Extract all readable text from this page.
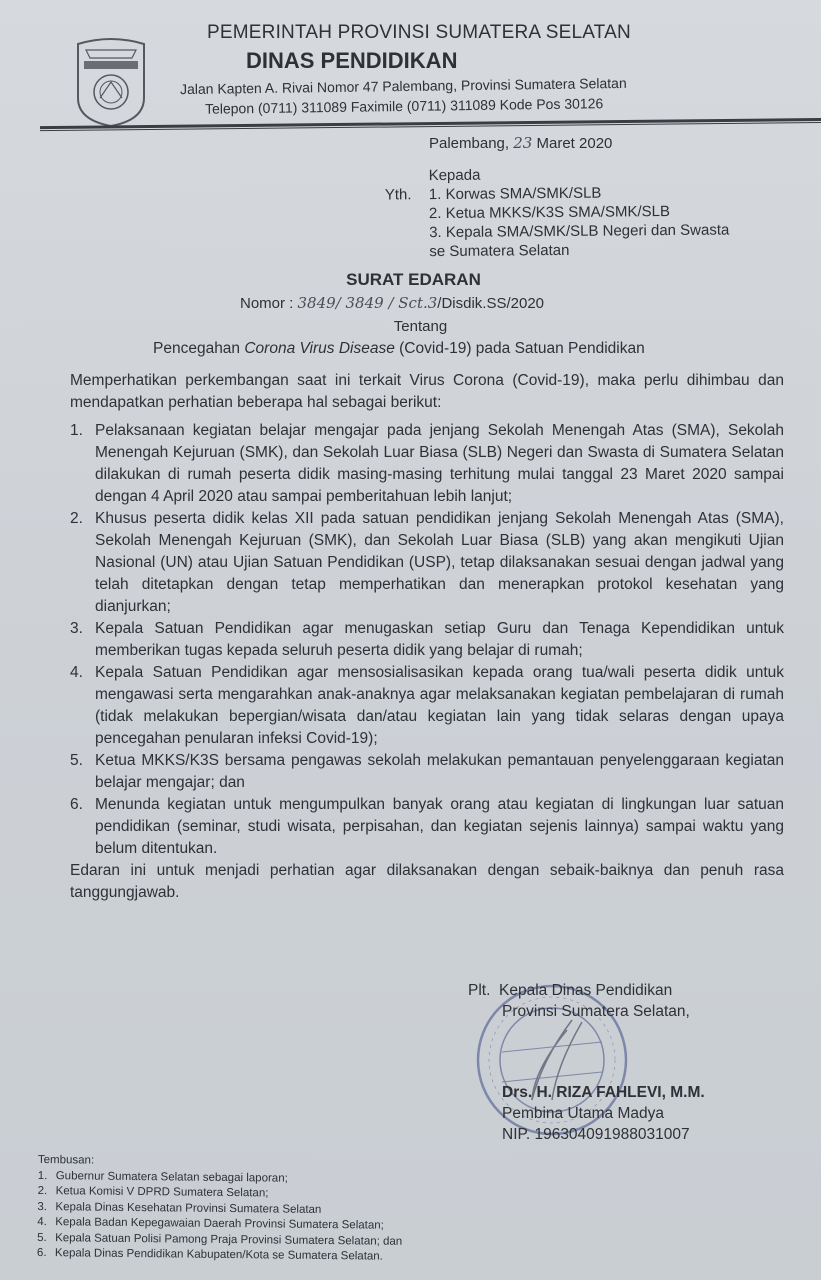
PEMERINTAH PROVINSI SUMATERA SELATAN
DINAS PENDIDIKAN
Jalan Kapten A. Rivai Nomor 47 Palembang, Provinsi Sumatera Selatan
Telepon (0711) 311089 Faximile (0711) 311089 Kode Pos 30126
Palembang, 23 Maret 2020
Kepada
Yth.	1.
Korwas SMA/SMK/SLB
2.
Ketua MKKS/K3S SMA/SMK/SLB
3.
Kepala SMA/SMK/SLB Negeri dan Swasta
se Sumatera Selatan
SURAT EDARAN
Nomor : 3849/ 3849 / Sct.3/Disdik.SS/2020
Tentang
Pencegahan Corona Virus Disease (Covid-19) pada Satuan Pendidikan

Memperhatikan perkembangan saat ini terkait Virus Corona (Covid-19), maka perlu dihimbau dan mendapatkan perhatian beberapa hal sebagai berikut:

1. Pelaksanaan kegiatan belajar mengajar pada jenjang Sekolah Menengah Atas (SMA), Sekolah Menengah Kejuruan (SMK), dan Sekolah Luar Biasa (SLB) Negeri dan Swasta di Sumatera Selatan dilakukan di rumah peserta didik masing-masing terhitung mulai tanggal 23 Maret 2020 sampai dengan 4 April 2020 atau sampai pemberitahuan lebih lanjut;
2. Khusus peserta didik kelas XII pada satuan pendidikan jenjang Sekolah Menengah Atas (SMA), Sekolah Menengah Kejuruan (SMK), dan Sekolah Luar Biasa (SLB) yang akan mengikuti Ujian Nasional (UN) atau Ujian Satuan Pendidikan (USP), tetap dilaksanakan sesuai dengan jadwal yang telah ditetapkan dengan tetap memperhatikan dan menerapkan protokol kesehatan yang dianjurkan;
3. Kepala Satuan Pendidikan agar menugaskan setiap Guru dan Tenaga Kependidikan untuk memberikan tugas kepada seluruh peserta didik yang belajar di rumah;
4. Kepala Satuan Pendidikan agar mensosialisasikan kepada orang tua/wali peserta didik untuk mengawasi serta mengarahkan anak-anaknya agar melaksanakan kegiatan pembelajaran di rumah (tidak melakukan bepergian/wisata dan/atau kegiatan lain yang tidak selaras dengan upaya pencegahan penularan infeksi Covid-19);
5. Ketua MKKS/K3S bersama pengawas sekolah melakukan pemantauan penyelenggaraan kegiatan belajar mengajar; dan
6. Menunda kegiatan untuk mengumpulkan banyak orang atau kegiatan di lingkungan luar satuan pendidikan (seminar, studi wisata, perpisahan, dan kegiatan sejenis lainnya) sampai waktu yang belum ditentukan.

Edaran ini untuk menjadi perhatian agar dilaksanakan dengan sebaik-baiknya dan penuh rasa tanggungjawab.

Plt. Kepala Dinas Pendidikan
Provinsi Sumatera Selatan,
Drs. H. RIZA FAHLEVI, M.M.
Pembina Utama Madya
NIP. 196304091988031007
Tembusan:
1. Gubernur Sumatera Selatan sebagai laporan;
2. Ketua Komisi V DPRD Sumatera Selatan;
3. Kepala Dinas Kesehatan Provinsi Sumatera Selatan
4. Kepala Badan Kepegawaian Daerah Provinsi Sumatera Selatan;
5. Kepala Satuan Polisi Pamong Praja Provinsi Sumatera Selatan; dan
6. Kepala Dinas Pendidikan Kabupaten/Kota se Sumatera Selatan.
